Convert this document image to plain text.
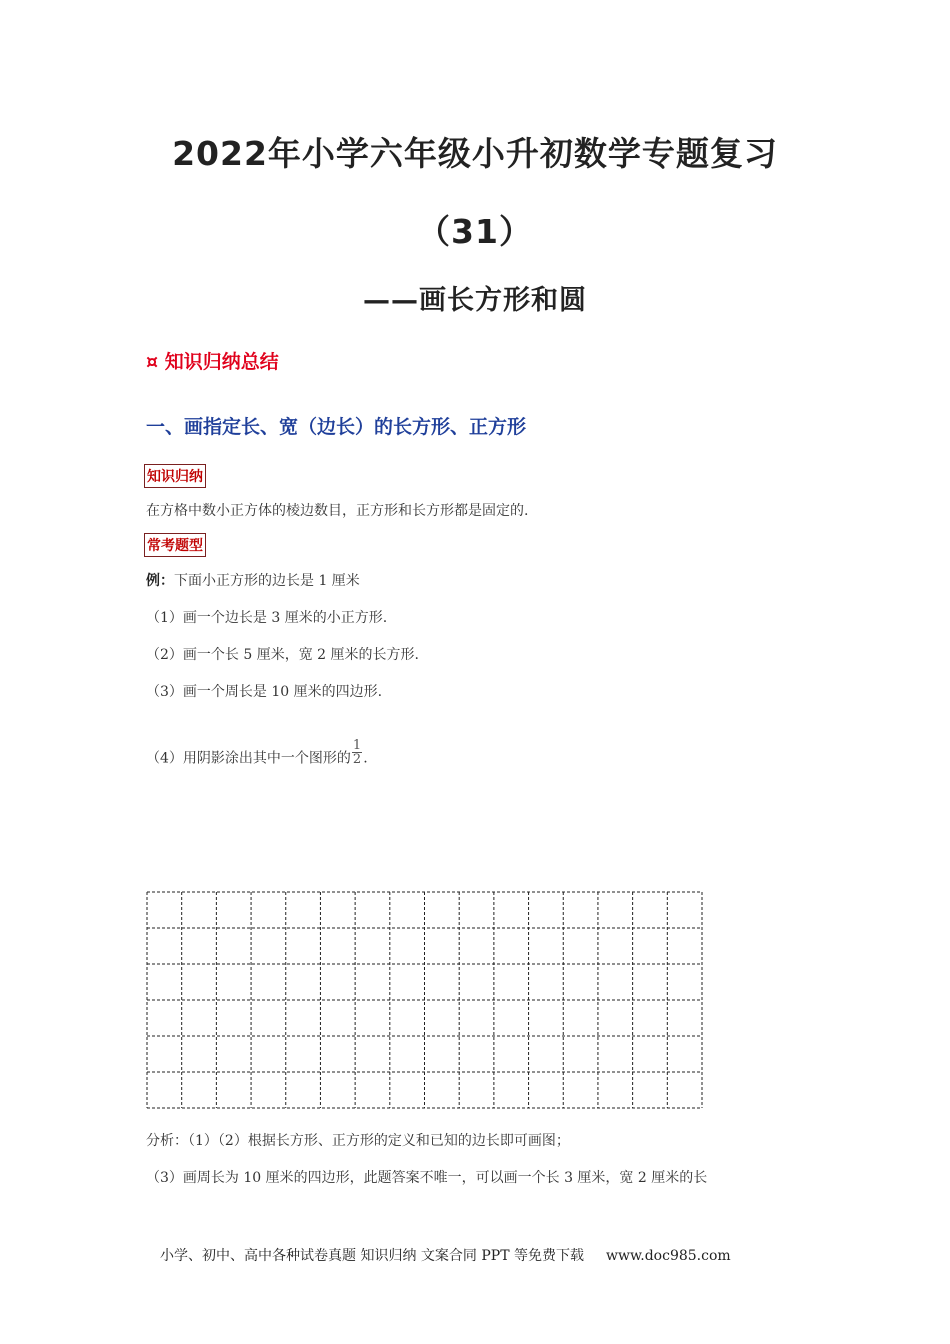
2022年小学六年级小升初数学专题复习
（31）
——画长方形和圆
¤ 知识归纳总结
一、画指定长、宽（边长）的长方形、正方形
知识归纳
在方格中数小正方体的棱边数目，正方形和长方形都是固定的.
常考题型
例：下面小正方形的边长是 1 厘米
（1）画一个边长是 3 厘米的小正方形.
（2）画一个长 5 厘米，宽 2 厘米的长方形.
（3）画一个周长是 10 厘米的四边形.
（4）用阴影涂出其中一个图形的 $\frac{1}{2}$ .
分析：（1）（2）根据长方形、正方形的定义和已知的边长即可画图；
（3）画周长为 10 厘米的四边形，此题答案不唯一，可以画一个长 3 厘米，宽 2 厘米的长
小学、初中、高中各种试卷真题 知识归纳 文案合同 PPT 等免费下载 www.doc985.com
